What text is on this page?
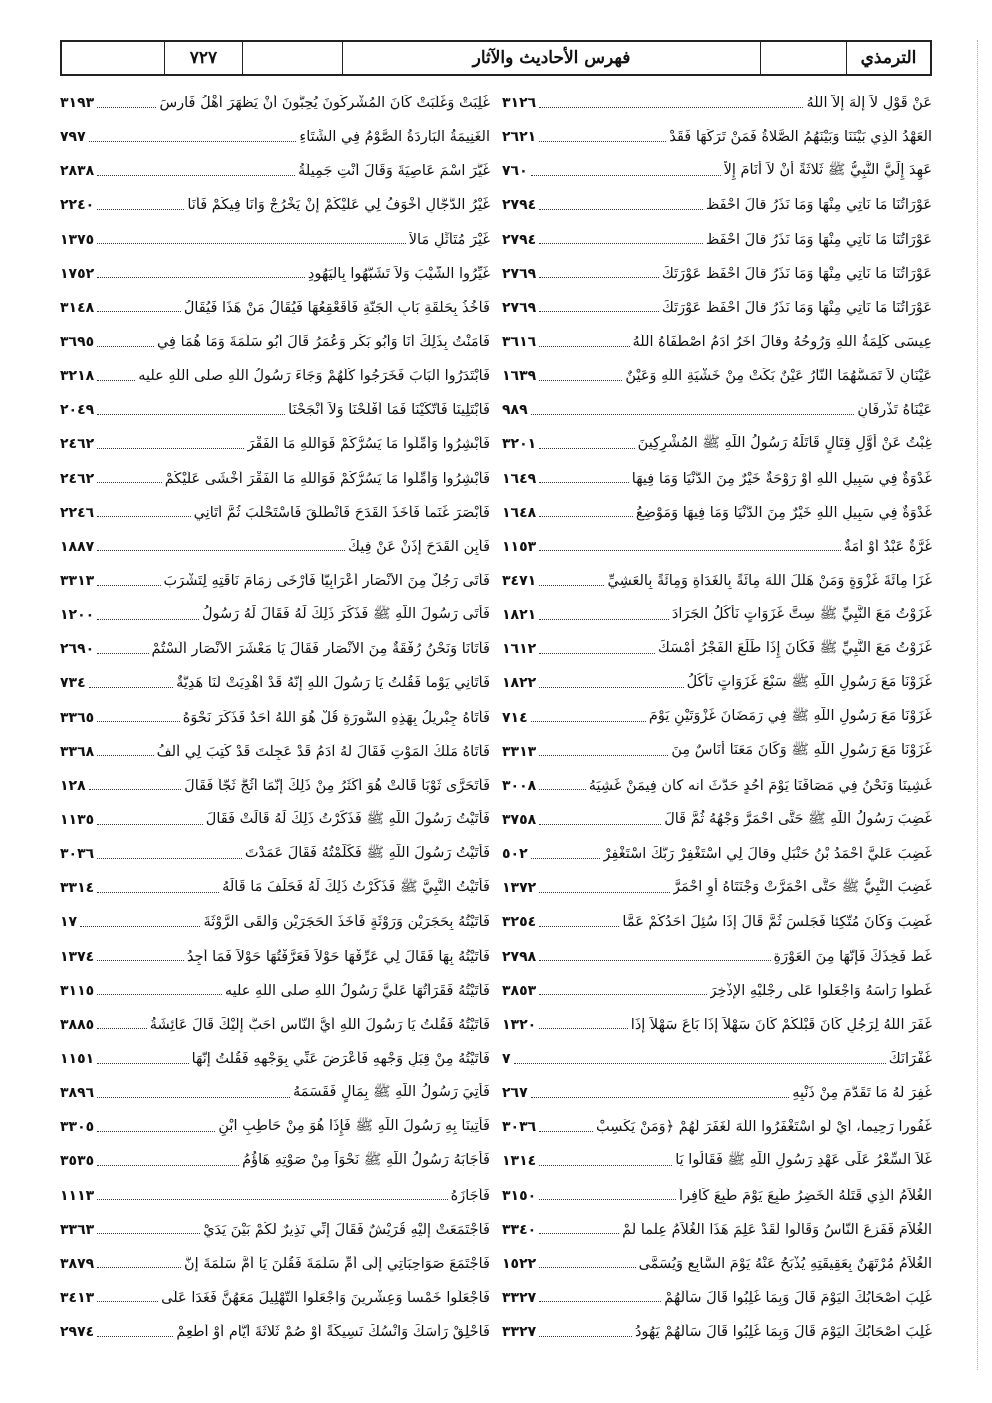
الترمذي
فهرس الأحاديث والآثار
٧٢٧
عَنْ قَوْلِ لاَ إِلَهَ إِلاَّ اللَّهُ
٣١٢٦
العَهْدُ الَّذِي بَيْنَنَا وَبَيْنَهُمُ الصَّلاةُ فَمَنْ تَرَكَهَا فَقَدْ
٢٦٢١
عَهِدَ إِلَيَّ النَّبِيُّ ﷺ ثَلاثَةً أَنْ لاَ أَنَامَ إِلاَّ
٧٦٠
عَوْرَاتُنَا مَا نَأْتِي مِنْهَا وَمَا نَذَرُ قالَ احْفَظْ
٢٧٩٤
عَوْرَاتُنَا مَا نَأْتِي مِنْهَا وَمَا نَذَرُ قالَ احْفَظْ
٢٧٩٤
عَوْرَاتُنَا مَا نَأْتِي مِنْهَا وَمَا نَذَرُ قالَ احْفَظْ عَوْرَتَكَ
٢٧٦٩
عَوْرَاتُنَا مَا نَأْتِي مِنْهَا وَمَا نَذَرُ قالَ احْفَظْ عَوْرَتَكَ
٢٧٦٩
عِيسَى كَلِمَةُ اللَّهِ وَرُوحُهُ وقالَ آخَرُ آدَمُ اصْطَفَاهُ اللَّهُ
٣٦١٦
عَيْنَانِ لاَ تَمَسُّهُمَا النَّارُ عَيْنٌ بَكَتْ مِنْ خَشْيَةِ اللَّهِ وَعَيْنٌ
١٦٣٩
عَيْنَاهُ تَذْرِفَانِ
٩٨٩
غِبْتُ عَنْ أَوَّلِ قِتَالٍ قَاتَلَهُ رَسُولُ اللَّهِ ﷺ المُشْرِكِينَ
٣٢٠١
غَدْوَةٌ فِي سَبِيلِ اللَّهِ أَوْ رَوْحَةٌ خَيْرٌ مِنَ الدُّنْيَا وَمَا فِيهَا
١٦٤٩
غَدْوَةٌ فِي سَبِيلِ اللَّهِ خَيْرٌ مِنَ الدُّنْيَا وَمَا فِيهَا وَمَوْضِعُ
١٦٤٨
غُرَّةٌ عَبْدٌ أَوْ أَمَةٌ
١١٥٣
غَزَا مِائَةَ غَزْوَةٍ وَمَنْ هَلَّلَ اللَّهَ مِائَةً بِالغَدَاةِ وَمِائَةً بِالعَشِيِّ
٣٤٧١
غَزَوْتُ مَعَ النَّبِيِّ ﷺ سِتَّ غَزَوَاتٍ نَأْكُلُ الجَرَادَ
١٨٢١
غَزَوْتُ مَعَ النَّبِيِّ ﷺ فَكَانَ إِذَا طَلَعَ الفَجْرُ أَمْسَكَ
١٦١٢
غَزَوْنَا مَعَ رَسُولِ اللَّهِ ﷺ سَبْعَ غَزَوَاتٍ نَأْكُلُ
١٨٢٢
غَزَوْنَا مَعَ رَسُولِ اللَّهِ ﷺ فِي رَمَضَانَ غَزْوَتَيْنِ يَوْمَ
٧١٤
غَزَوْنَا مَعَ رَسُولِ اللَّهِ ﷺ وَكَانَ مَعَنَا أُنَاسٌ مِنَ
٣٣١٣
غُشِينَا وَنَحْنُ فِي مَصَافِّنَا يَوْمَ أُحُدٍ حَدَّثَ انه كان فِيمَنْ غَشِيَهُ
٣٠٠٨
غَضِبَ رَسُولُ اللَّهِ ﷺ حَتَّى احْمَرَّ وَجْهُهُ ثُمَّ قَالَ
٣٧٥٨
غَضِبَ عَلَيَّ أَحْمَدُ بْنُ حَنْبَلٍ وقالَ لِي اسْتَغْفِرْ رَبَّكَ اسْتَغْفِرْ
٥٠٢
غَضِبَ النَّبِيُّ ﷺ حَتَّى احْمَرَّتْ وَجْنَتَاهُ أَوِ احْمَرَّ
١٣٧٢
غَضِبَ وَكَانَ مُتَّكِئاً فَجَلَسَ ثُمَّ قَالَ إِذَا سُئِلَ أَحَدُكُمْ عَمَّا
٣٢٥٤
غَطِّ فَخِذَكَ فَإِنَّهَا مِنَ العَوْرَةِ
٢٧٩٨
غَطُّوا رَأْسَهُ وَاجْعَلُوا عَلَى رِجْلَيْهِ الإِذْخِرَ
٣٨٥٣
غَفَرَ اللَّهُ لِرَجُلٍ كَانَ قَبْلَكُمْ كَانَ سَهْلاً إِذَا بَاعَ سَهْلاً إِذَا
١٣٢٠
غُفْرَانَكَ
٧
غُفِرَ لَهُ مَا تَقَدَّمَ مِنْ ذَنْبِهِ
٢٦٧
غَفُوراً رَحِيماً، أَيْ لَوِ اسْتَغْفَرُوا اللَّهَ لَغَفَرَ لَهُمْ ﴿وَمَنْ يَكْسِبْ
٣٠٣٦
غَلاَ السِّعْرُ عَلَى عَهْدِ رَسُولِ اللَّهِ ﷺ فَقَالُوا يَا
١٣١٤
الغُلاَمُ الَّذِي قَتَلَهُ الخَضِرُ طُبِعَ يَوْمَ طُبِعَ كَافِراً
٣١٥٠
الغُلاَمَ فَفَزِعَ النَّاسُ وَقَالُوا لَقَدْ عَلِمَ هَذَا الغُلاَمُ عِلْماً لَمْ
٣٣٤٠
الغُلاَمُ مُرْتَهَنٌ بِعَقِيقَتِهِ يُذْبَحُ عَنْهُ يَوْمَ السَّابِعِ وَيُسَمَّى
١٥٢٢
غُلِبَ أَصْحَابُكَ اليَوْمَ قَالَ وَبِمَا غُلِبُوا قَالَ سَأَلَهُمْ
٣٣٢٧
غُلِبَ أَصْحَابُكَ اليَوْمَ قَالَ وَبِمَا غُلِبُوا قَالَ سَأَلَهُمْ يَهُودُ
٣٣٢٧
غُلِبَتْ وَغَلَبَتْ كَانَ المُشْرِكُونَ يُحِبُّونَ أَنْ يَظْهَرَ أَهْلُ فَارِسَ
٣١٩٣
الغَنِيمَةُ البَارِدَةُ الصَّوْمُ فِي الشِّتَاءِ
٧٩٧
غَيَّرَ اسْمَ عَاصِيَةَ وَقَالَ أَنْتِ جَمِيلَةُ
٢٨٣٨
غَيْرُ الدَّجَّالِ أَخْوَفُ لِي عَلَيْكُمْ إِنْ يَخْرُجْ وَأَنَا فِيكُمْ فَأَنَا
٢٢٤٠
غَيْرَ مُتَأَثِّلٍ مَالاً
١٣٧٥
غَيِّرُوا الشَّيْبَ وَلاَ تَشَبَّهُوا بِاليَهُودِ
١٧٥٢
فَآخُذُ بِحَلْقَةِ بَابِ الجَنَّةِ فَأُقَعْقِعُهَا فَيُقَالُ مَنْ هَذَا فَيُقَالُ
٣١٤٨
فَآمَنْتُ بِذَلِكَ أَنَا وَأَبُو بَكْرٍ وَعُمَرُ قَالَ أَبُو سَلَمَةَ وَمَا هُمَا فِي
٣٦٩٥
فَابْتَدَرُوا البَابَ فَخَرَجُوا كُلُّهُمْ وَجَاءَ رَسُولُ اللَّهِ صلى اللَّهِ عليه
٣٢١٨
فَابْتَلِينَا فَاتَّكَيْنَا فَمَا أَفْلَحْنَا وَلاَ أَنْجَحْنَا
٢٠٤٩
فَأَبْشِرُوا وَأَمِّلُوا مَا يَسُرُّكُمْ فَوَاللَّهِ مَا الفَقْرَ
٢٤٦٢
فَأَبْشِرُوا وَأَمِّلُوا مَا يَسُرُّكُمْ فَوَاللَّهِ مَا الفَقْرَ أَخْشَى عَلَيْكُمْ
٢٤٦٢
فَأَبْصَرَ غَنَماً فَأَخَذَ القَدَحَ فَانْطَلَقَ فَاسْتَحْلَبَ ثُمَّ أَتَانِي
٢٢٤٦
فَأَبِنِ القَدَحَ إِذَنْ عَنْ فِيكَ
١٨٨٧
فَأَتَى رَجُلٌ مِنَ الأَنْصَارِ أَعْرَابِيّاً فَأَرْخَى زِمَامَ نَاقَتِهِ لِتَشْرَبَ
٣٣١٣
فَأَتَى رَسُولَ اللَّهِ ﷺ فَذَكَرَ ذَلِكَ لَهُ فَقَالَ لَهُ رَسُولُ
١٢٠٠
فَأَتَانَا وَنَحْنُ رُفْقَةٌ مِنَ الأَنْصَارِ فَقَالَ يَا مَعْشَرَ الأَنْصَارِ أَلَسْتُمْ
٢٦٩٠
فَأَتَانِي يَوْماً فَقُلْتُ يَا رَسُولَ اللَّهِ إِنَّهُ قَدْ أُهْدِيَتْ لَنَا هَدِيَّةٌ
٧٣٤
فَأَتَاهُ جِبْرِيلُ بِهَذِهِ السُّورَةِ قُلْ هُوَ اللَّهُ أَحَدٌ فَذَكَرَ نَحْوَهُ
٣٣٦٥
فَأَتَاهُ مَلَكُ المَوْتِ فَقَالَ لَهُ آدَمُ قَدْ عَجِلْتَ قَدْ كُتِبَ لِي أَلْفُ
٣٣٦٨
فَأَتَحَرَّى ثَوْبَاً قَالَتْ هُوَ أَكْثَرُ مِنْ ذَلِكَ إِنَّمَا أَثُجُّ ثَجّاً فَقَالَ
١٢٨
فَأَتَيْتُ رَسُولَ اللَّهِ ﷺ فَذَكَرْتُ ذَلِكَ لَهُ قَالَتْ فَقَالَ
١١٣٥
فَأَتَيْتُ رَسُولَ اللَّهِ ﷺ فَكَلَّمْتُهُ فَقَالَ عَمَدْتَ
٣٠٣٦
فَأَتَيْتُ النَّبِيَّ ﷺ فَذَكَرْتُ ذَلِكَ لَهُ فَحَلَفَ مَا قَالَهُ
٣٣١٤
فَأَتَيْتُهُ بِحَجَرَيْنِ وَرَوْثَةٍ فَأَخَذَ الحَجَرَيْنِ وَأَلْقَى الرَّوْثَةَ
١٧
فَأَتَيْتُهُ بِهَا فَقَالَ لِي عَرِّفْهَا حَوْلاً فَعَرَّفْتُهَا حَوْلاً فَمَا أَجِدُ
١٣٧٤
فَأَتَيْتُهُ فَقَرَأْتُهَا عَلَيَّ رَسُولُ اللَّهِ صلى اللَّهِ عليه
٣١١٥
فَأَتَيْتُهُ فَقُلْتُ يَا رَسُولَ اللَّهِ أَيُّ النَّاسِ أَحَبُّ إِلَيْكَ قَالَ عَائِشَةُ
٣٨٨٥
فَأَتَيْتُهُ مِنْ قِبَلِ وَجْهِهِ فَأَعْرَضَ عَنِّي بِوَجْهِهِ فَقُلْتُ إِنَّهَا
١١٥١
فَأُتِيَ رَسُولُ اللَّهِ ﷺ بِمَالٍ فَقَسَمَهُ
٣٨٩٦
فَأُتِينَا بِهِ رَسُولَ اللَّهِ ﷺ فَإِذَا هُوَ مِنْ حَاطِبِ ابْنِ
٣٣٠٥
فَأَجَابَهُ رَسُولُ اللَّهِ ﷺ نَحْوَاً مِنْ صَوْتِهِ هَاؤُمُ
٣٥٣٥
فَأَجَازَهُ
١١١٣
فَاجْتَمَعَتْ إِلَيْهِ قُرَيْشٌ فَقَالَ إِنِّي نَذِيرٌ لَكُمْ بَيْنَ يَدَيْ
٣٣٦٣
فَاجْتَمَعَ صَوَاحِبَاتِي إِلَى أُمِّ سَلَمَةَ فَقُلْنَ يَا أُمَّ سَلَمَةَ إِنَّ
٣٨٧٩
فَاجْعَلُوا خَمْساً وَعِشْرِينَ وَاجْعَلُوا التَّهْلِيلَ مَعَهُنَّ فَغَدَا عَلَى
٣٤١٣
فَاحْلِقْ رَأْسَكَ وَانْسُكْ نَسِيكَةً أَوْ صُمْ ثَلاثَةَ أَيَّامٍ أَوْ أَطْعِمْ
٢٩٧٤
